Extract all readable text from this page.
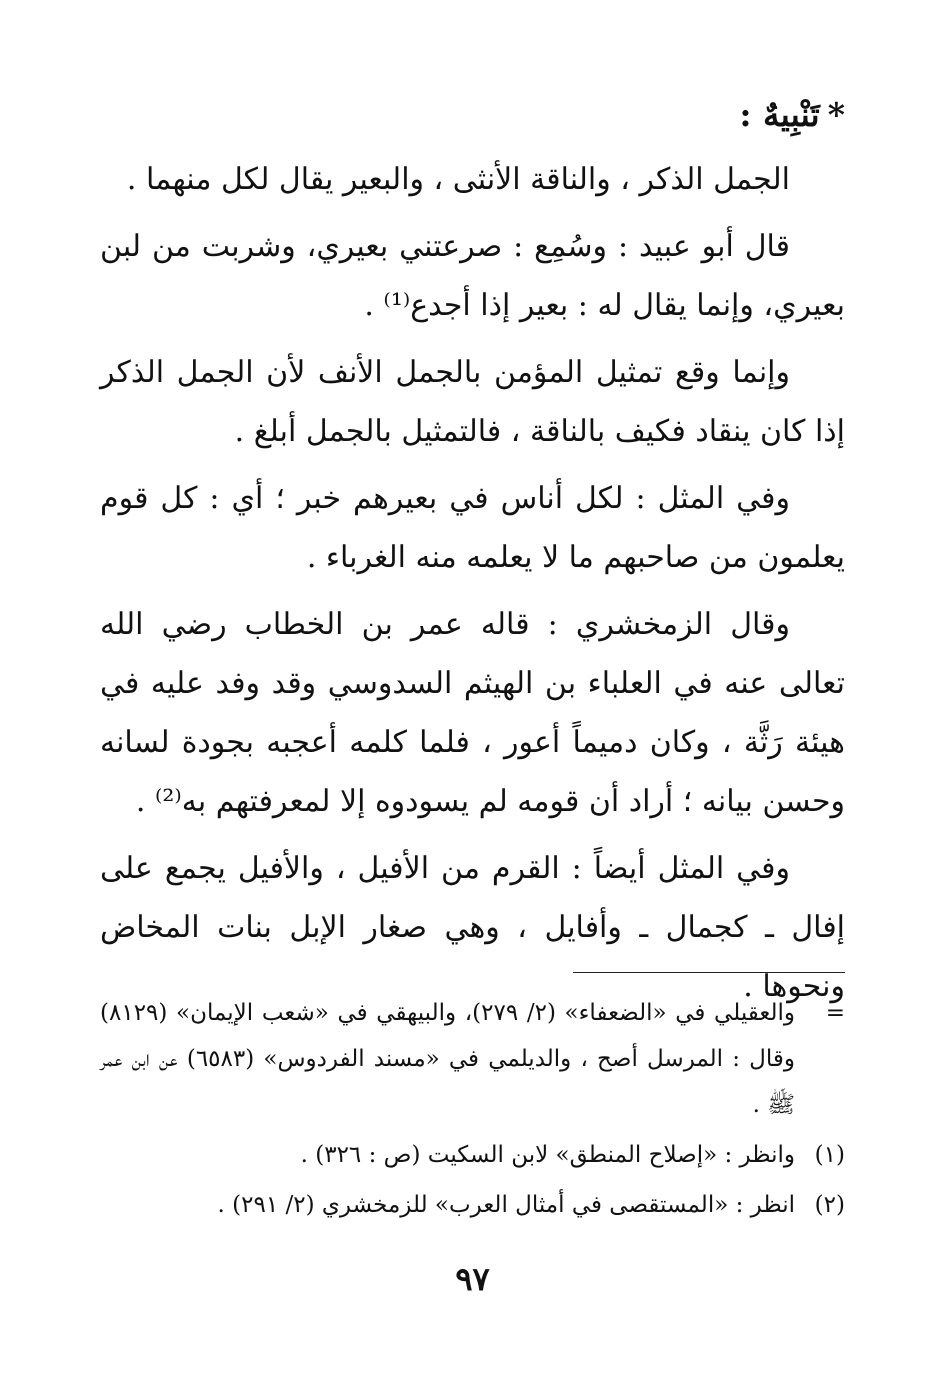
*تَنْبِيهٌ :

الجمل الذكر ، والناقة الأنثى ، والبعير يقال لكل منهما .

قال أبو عبيد : وسُمِع : صرعتني بعيري، وشربت من لبن بعيري، وإنما يقال له : بعير إذا أجدع⁽¹⁾ .

وإنما وقع تمثيل المؤمن بالجمل الأنف لأن الجمل الذكر إذا كان ينقاد فكيف بالناقة ، فالتمثيل بالجمل أبلغ .

وفي المثل : لكل أناس في بعيرهم خبر ؛ أي : كل قوم يعلمون من صاحبهم ما لا يعلمه منه الغرباء .

وقال الزمخشري : قاله عمر بن الخطاب رضي الله تعالى عنه في العلباء بن الهيثم السدوسي وقد وفد عليه في هيئة رَثَّة ، وكان دميماً أعور ، فلما كلمه أعجبه بجودة لسانه وحسن بيانه ؛ أراد أن قومه لم يسودوه إلا لمعرفتهم به⁽²⁾ .

وفي المثل أيضاً : القرم من الأفيل ، والأفيل يجمع على إفال ـ كجمال ـ وأفايل ، وهي صغار الإبل بنات المخاض ونحوها .

=
والعقيلي في «الضعفاء» (٢/ ٢٧٩)، والبيهقي في «شعب الإيمان» (٨١٢٩) وقال : المرسل أصح ، والديلمي في «مسند الفردوس» (٦٥٨٣) عن ابن عمر ﷺ .
(١)
وانظر : «إصلاح المنطق» لابن السكيت (ص : ٣٢٦) .
(٢)
انظر : «المستقصى في أمثال العرب» للزمخشري (٢/ ٢٩١) .
٩٧
